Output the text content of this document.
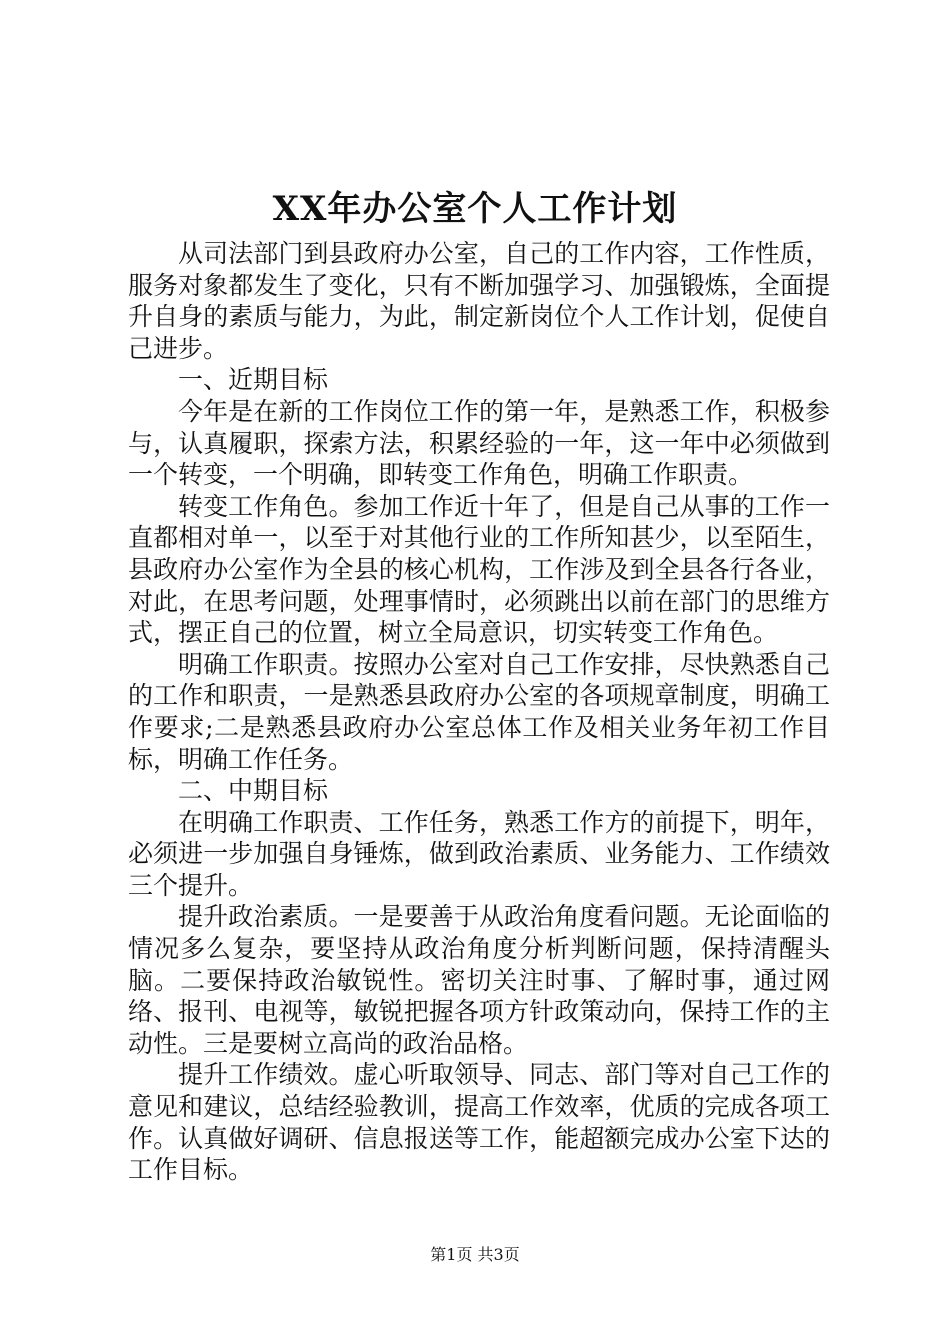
XX年办公室个人工作计划

从司法部门到县政府办公室，自己的工作内容，工作性质，服务对象都发生了变化，只有不断加强学习、加强锻炼，全面提升自身的素质与能力，为此，制定新岗位个人工作计划，促使自己进步。

一、近期目标

今年是在新的工作岗位工作的第一年，是熟悉工作，积极参与，认真履职，探索方法，积累经验的一年，这一年中必须做到一个转变，一个明确，即转变工作角色，明确工作职责。

转变工作角色。参加工作近十年了，但是自己从事的工作一直都相对单一，以至于对其他行业的工作所知甚少，以至陌生，县政府办公室作为全县的核心机构，工作涉及到全县各行各业，对此，在思考问题，处理事情时，必须跳出以前在部门的思维方式，摆正自己的位置，树立全局意识，切实转变工作角色。

明确工作职责。按照办公室对自己工作安排，尽快熟悉自己的工作和职责，一是熟悉县政府办公室的各项规章制度，明确工作要求;二是熟悉县政府办公室总体工作及相关业务年初工作目标，明确工作任务。

二、中期目标

在明确工作职责、工作任务，熟悉工作方的前提下，明年，必须进一步加强自身锤炼，做到政治素质、业务能力、工作绩效三个提升。

提升政治素质。一是要善于从政治角度看问题。无论面临的情况多么复杂，要坚持从政治角度分析判断问题，保持清醒头脑。二要保持政治敏锐性。密切关注时事、了解时事，通过网络、报刊、电视等，敏锐把握各项方针政策动向，保持工作的主动性。三是要树立高尚的政治品格。

提升工作绩效。虚心听取领导、同志、部门等对自己工作的意见和建议，总结经验教训，提高工作效率，优质的完成各项工作。认真做好调研、信息报送等工作，能超额完成办公室下达的工作目标。

第1页 共3页
